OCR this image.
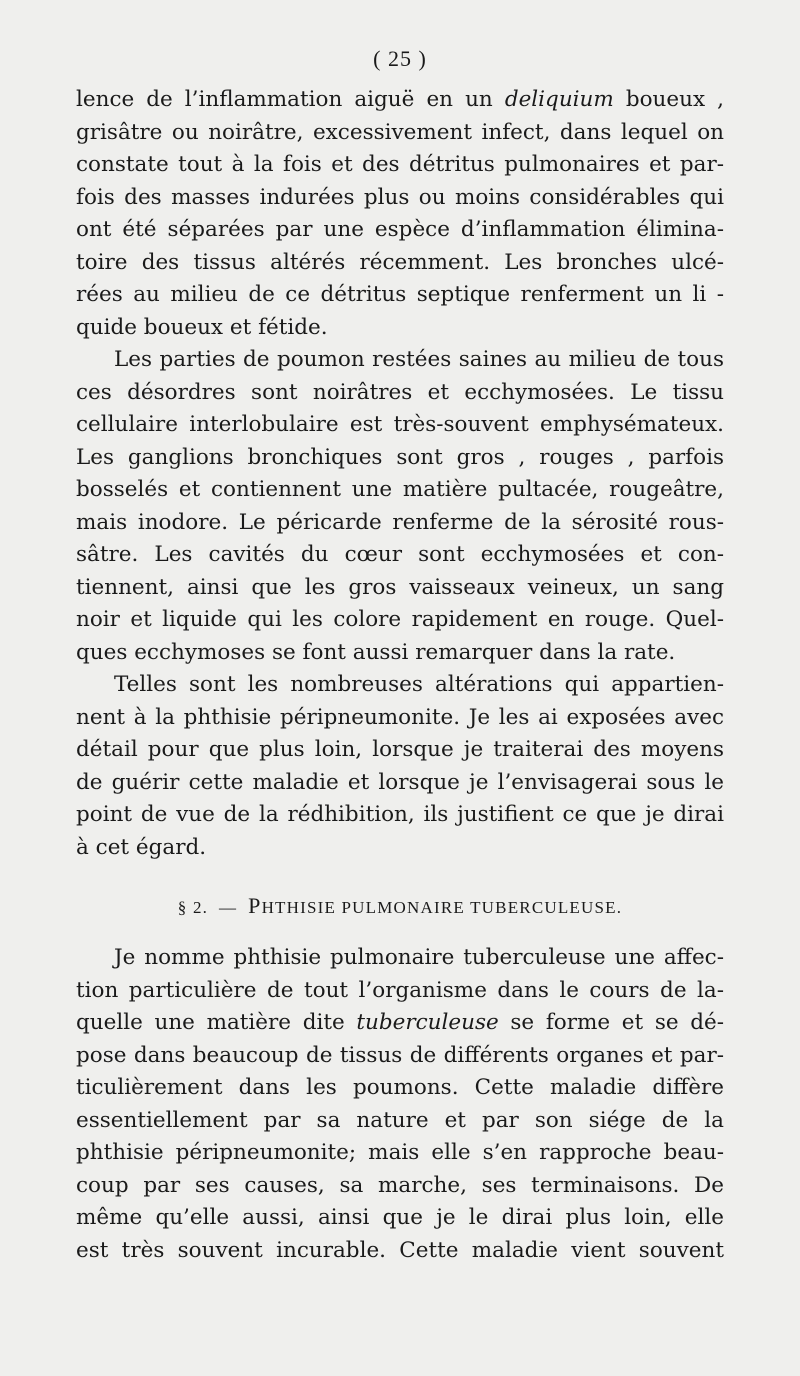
( 25 )
lence de l’inflammation aiguë en un deliquium boueux ,
grisâtre ou noirâtre, excessivement infect, dans lequel on
constate tout à la fois et des détritus pulmonaires et par-
fois des masses indurées plus ou moins considérables qui
ont été séparées par une espèce d’inflammation élimina-
toire des tissus altérés récemment. Les bronches ulcé-
rées au milieu de ce détritus septique renferment un li -
quide boueux et fétide.
Les parties de poumon restées saines au milieu de tous
ces désordres sont noirâtres et ecchymosées. Le tissu
cellulaire interlobulaire est très-souvent emphysémateux.
Les ganglions bronchiques sont gros , rouges , parfois
bosselés et contiennent une matière pultacée, rougeâtre,
mais inodore. Le péricarde renferme de la sérosité rous-
sâtre. Les cavités du cœur sont ecchymosées et con-
tiennent, ainsi que les gros vaisseaux veineux, un sang
noir et liquide qui les colore rapidement en rouge. Quel-
ques ecchymoses se font aussi remarquer dans la rate.
Telles sont les nombreuses altérations qui appartien-
nent à la phthisie péripneumonite. Je les ai exposées avec
détail pour que plus loin, lorsque je traiterai des moyens
de guérir cette maladie et lorsque je l’envisagerai sous le
point de vue de la rédhibition, ils justifient ce que je dirai
à cet égard.
§ 2. — PHTHISIE PULMONAIRE TUBERCULEUSE.
Je nomme phthisie pulmonaire tuberculeuse une affec-
tion particulière de tout l’organisme dans le cours de la-
quelle une matière dite tuberculeuse se forme et se dé-
pose dans beaucoup de tissus de différents organes et par-
ticulièrement dans les poumons. Cette maladie diffère
essentiellement par sa nature et par son siége de la
phthisie péripneumonite; mais elle s’en rapproche beau-
coup par ses causes, sa marche, ses terminaisons. De
même qu’elle aussi, ainsi que je le dirai plus loin, elle
est très souvent incurable. Cette maladie vient souvent
